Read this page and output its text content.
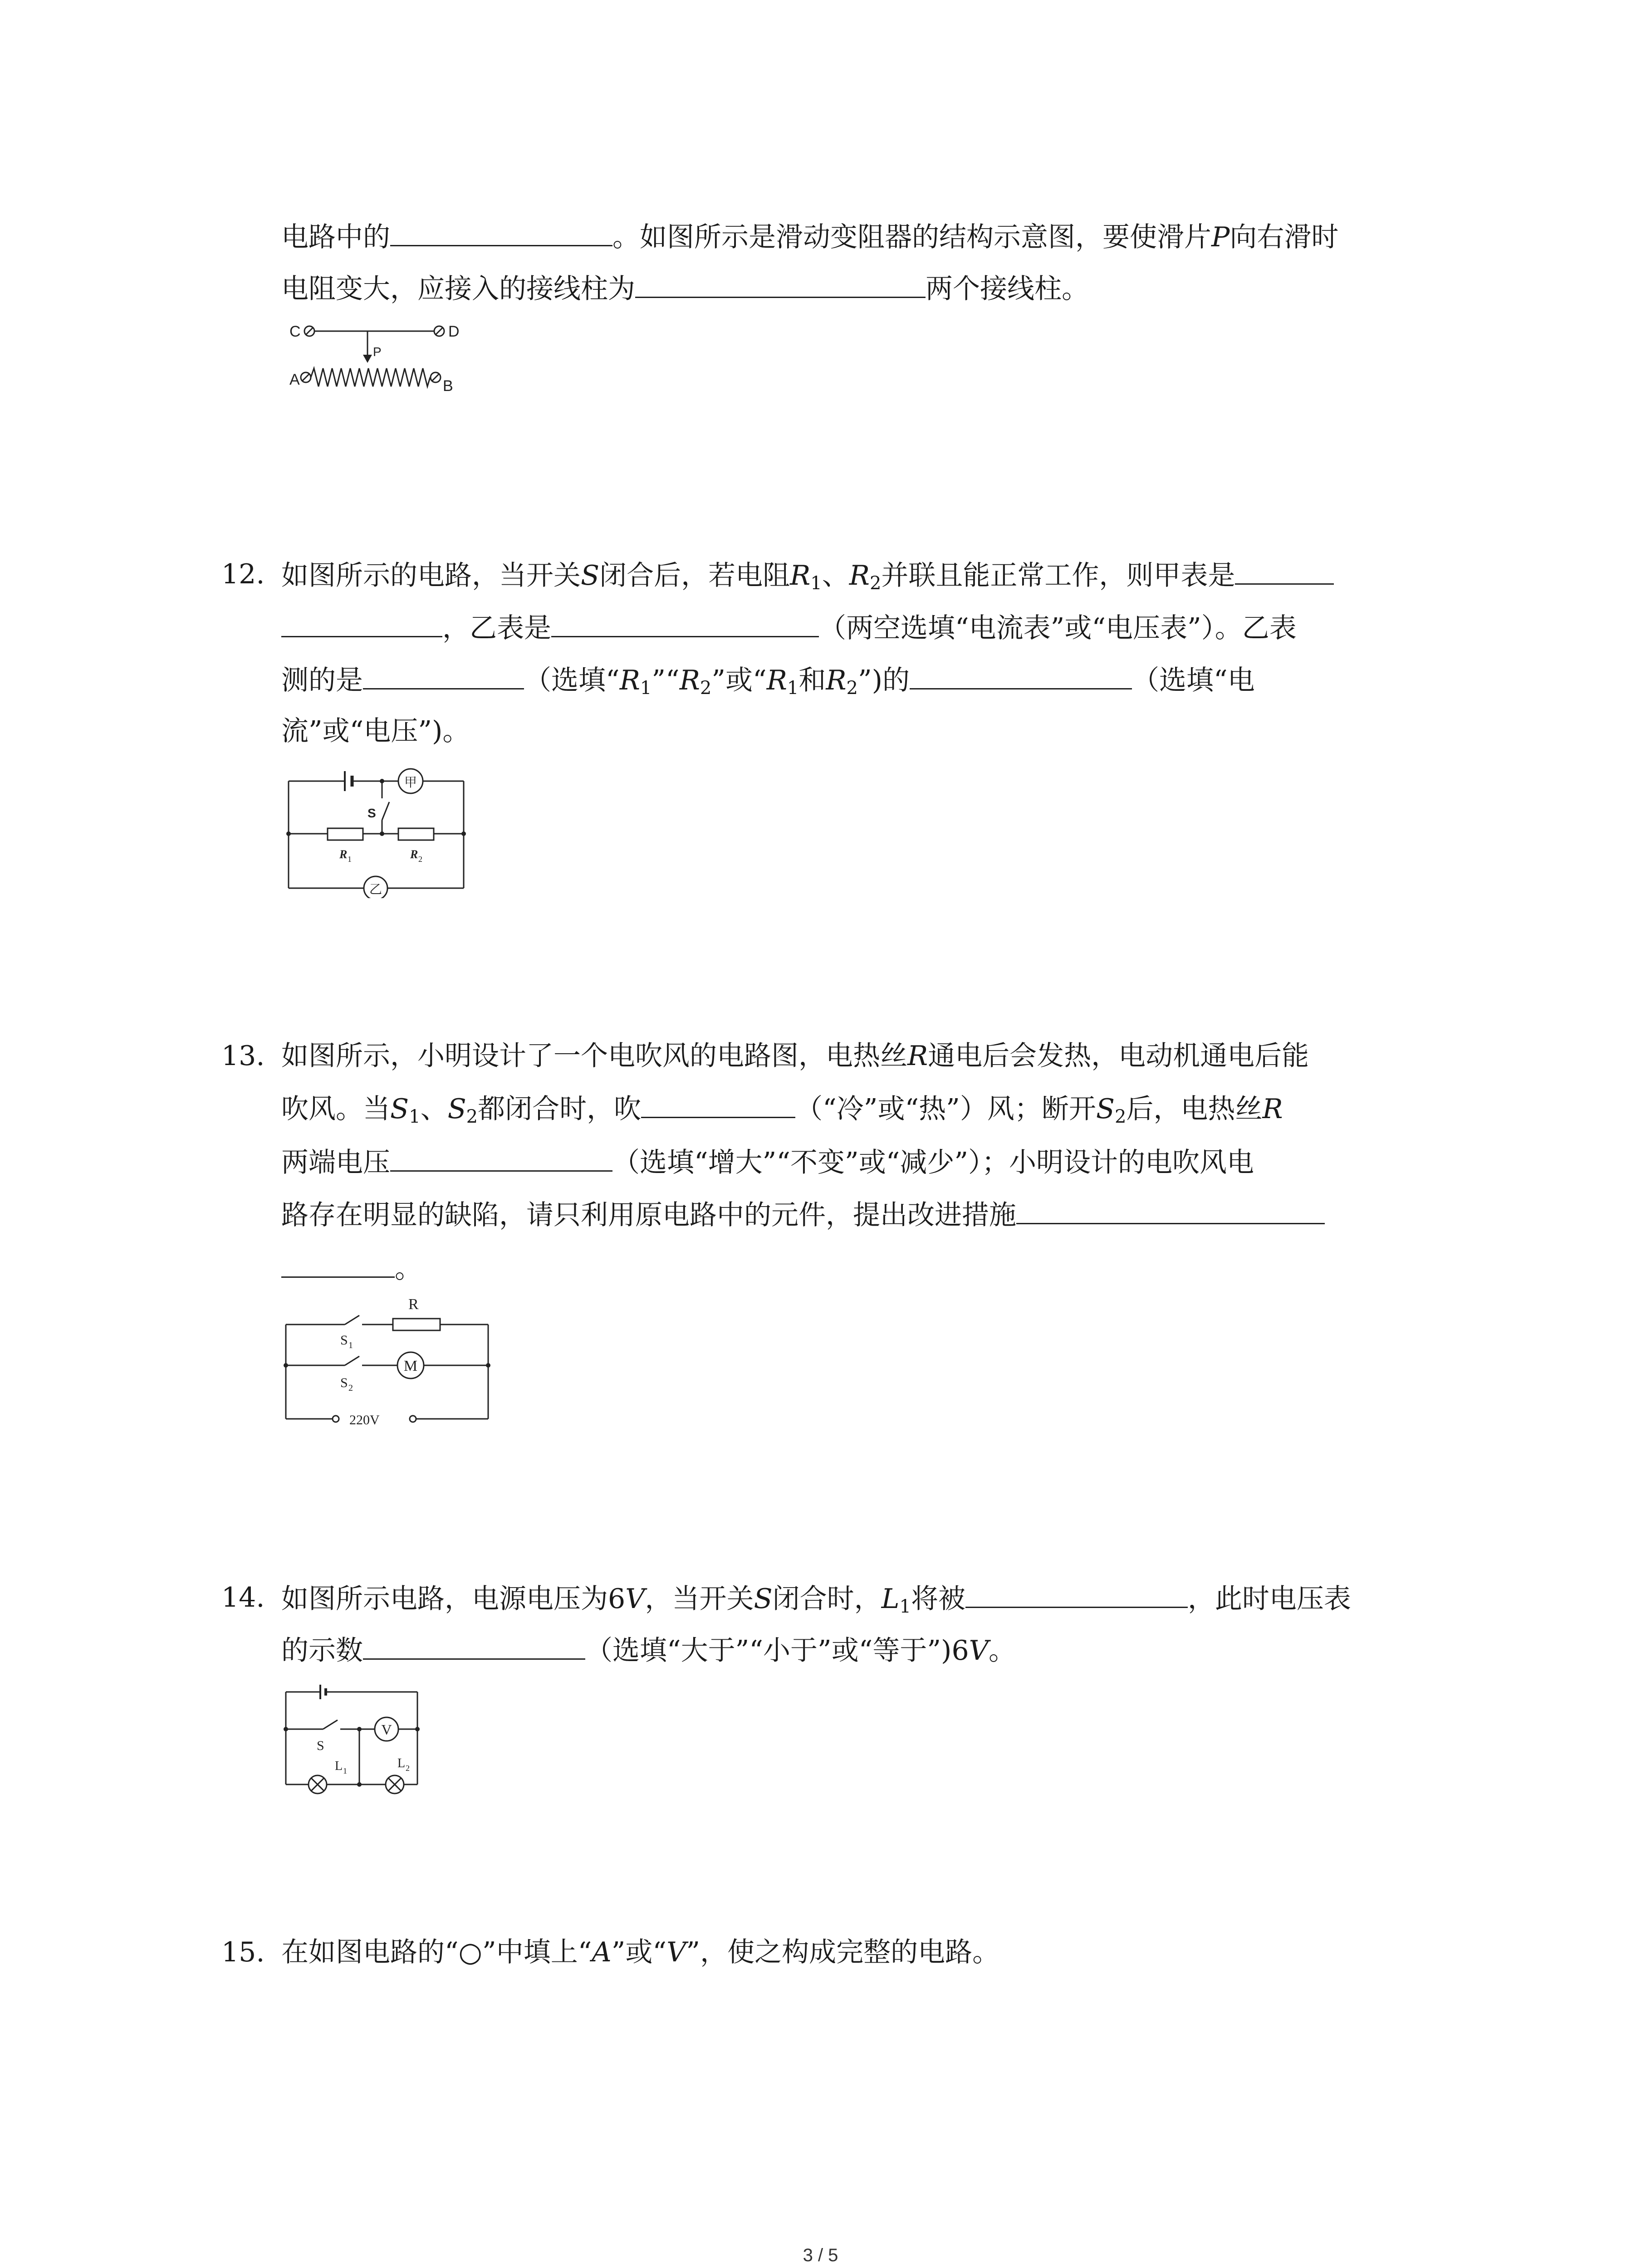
电路中的	。如图所示是滑动变阻器的结构示意图，要使滑片P向右滑时
电阻变大，应接入的接线柱为	两个接线柱。
C	D
P
A	B
12. 如图所示的电路，当开关S闭合后，若电阻$R_1$、$R_2$并联且能正常工作，则甲表是
，乙表是	（两空选填“电流表”或“电压表”）。乙表
测的是	（选填“$R_1”“R_2$”或“$R_1$和$R_2$”)的	（选填“电
流”或“电压”)。
甲
S
R 1	R 2
乙
13. 如图所示，小明设计了一个电吹风的电路图，电热丝R通电后会发热，电动机通电后能
吹风。当$S_1$、$S_2$都闭合时，吹	（“冷”或“热”）风；断开$S_2$后，电热丝R
两端电压	（选填“增大”“不变”或“减少”）；小明设计的电吹风电
路存在明显的缺陷，请只利用原电路中的元件，提出改进措施
。
R
S 1
M
S 2
220V
14. 如图所示电路，电源电压为6V，当开关S闭合时，$L_1$将被	，此时电压表
的示数	（选填“大于”“小于”或“等于”)6V。
V
S
L 1
L 2
15. 在如图电路的“○”中填上“A”或“V”，使之构成完整的电路。
3 / 5
